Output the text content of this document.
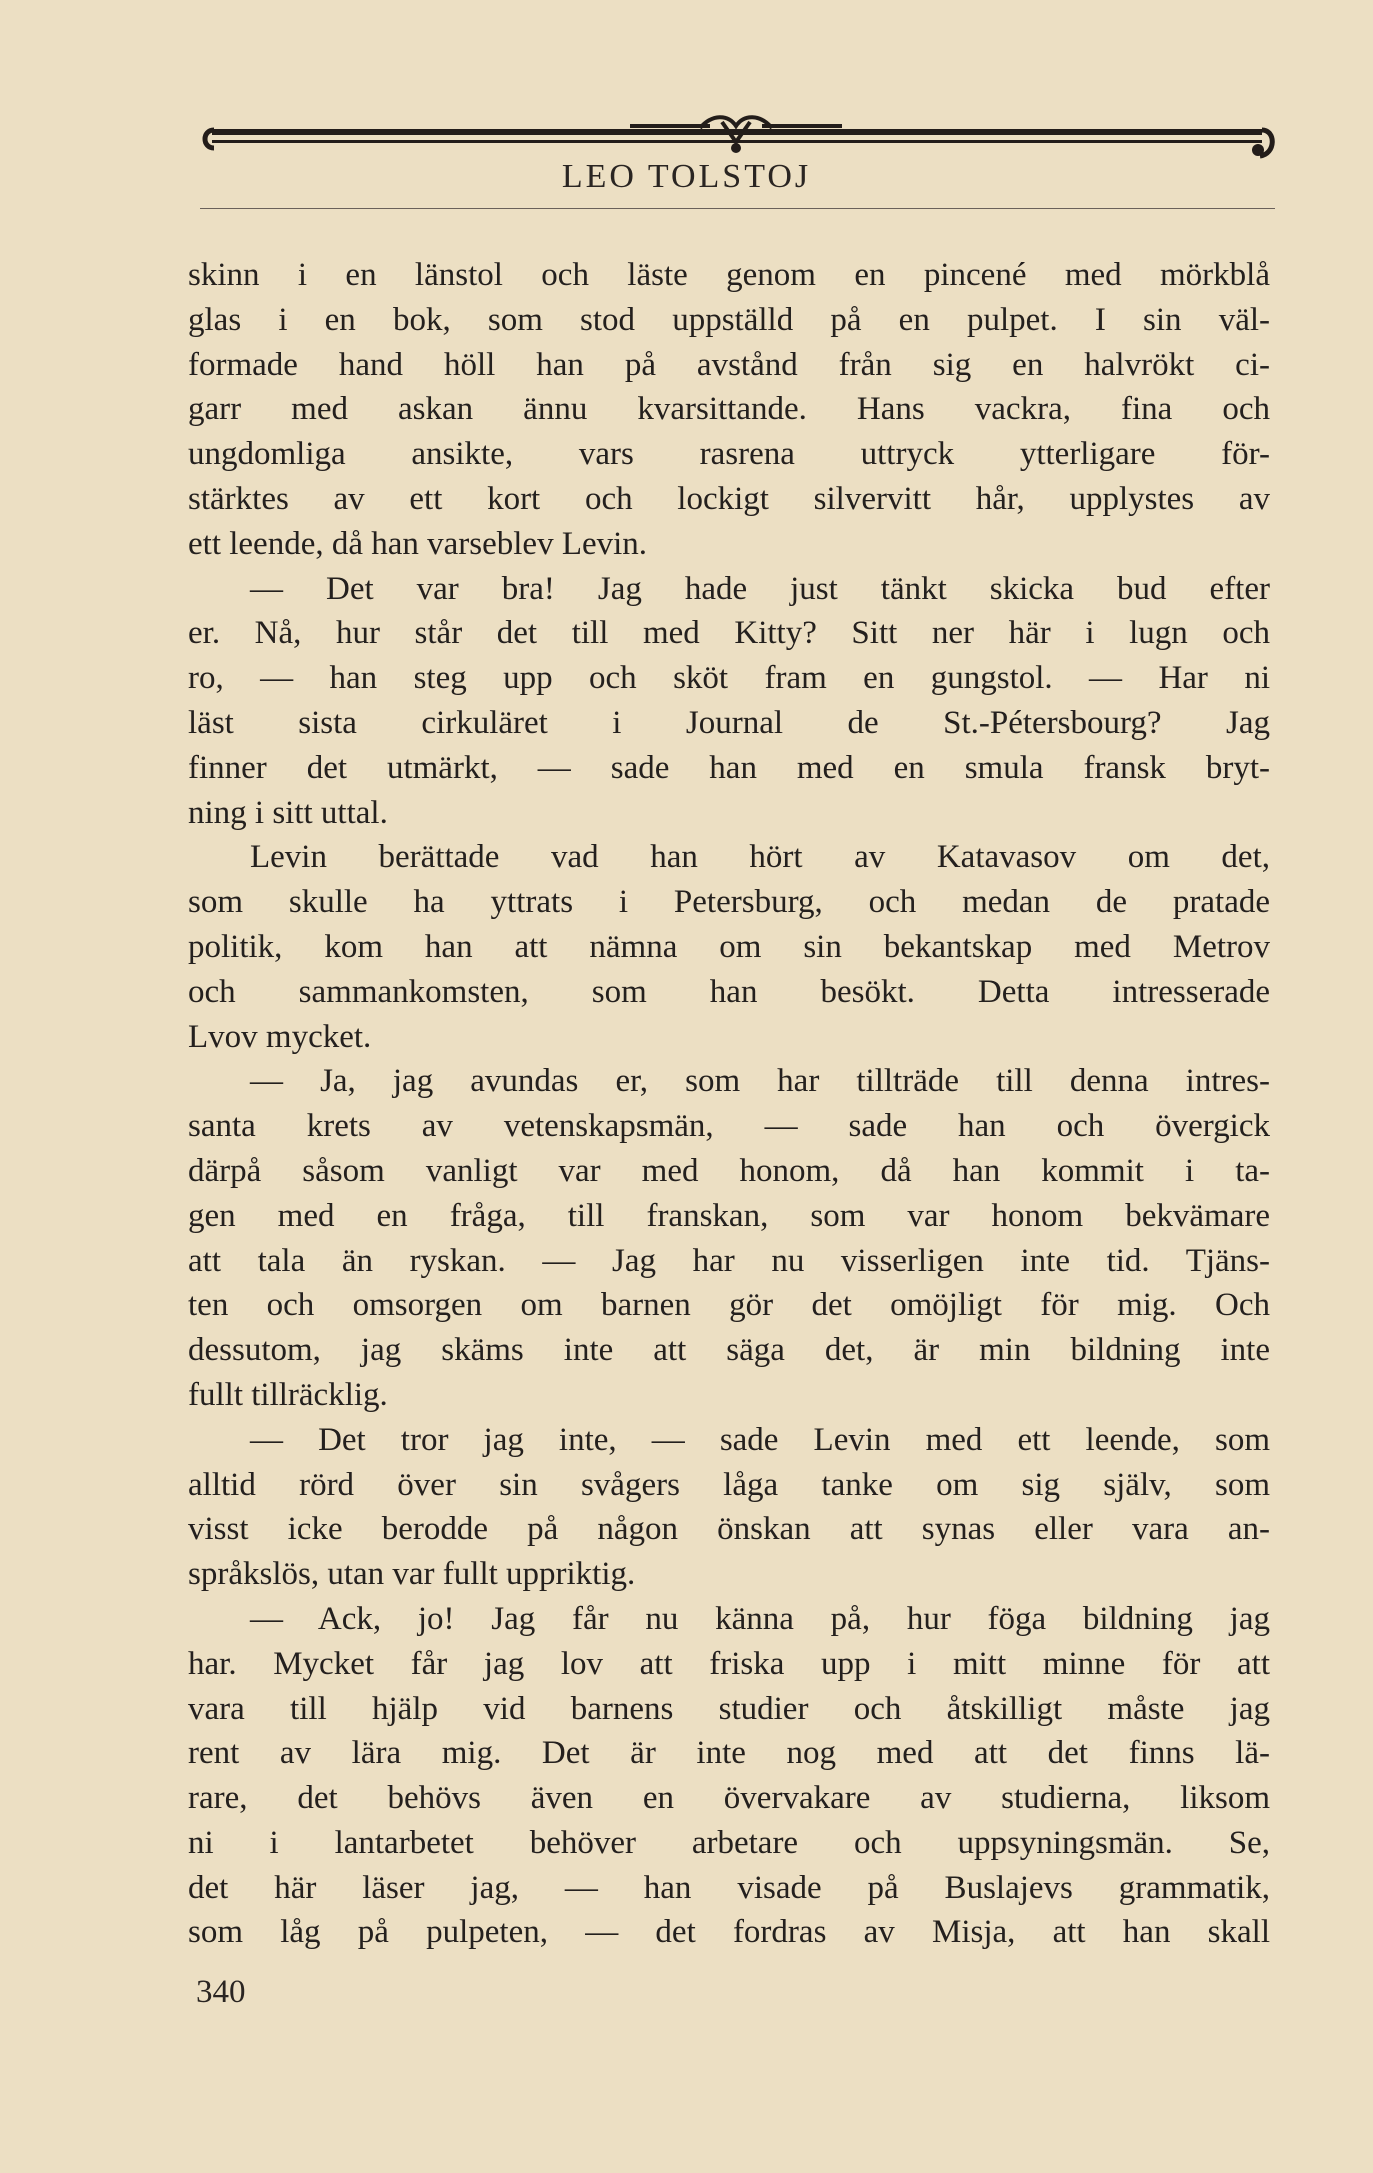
LEO TOLSTOJ
skinn i en länstol och läste genom en pincené med mörkblå
glas i en bok, som stod uppställd på en pulpet. I sin väl-
formade hand höll han på avstånd från sig en halvrökt ci-
garr med askan ännu kvarsittande. Hans vackra, fina och
ungdomliga ansikte, vars rasrena uttryck ytterligare för-
stärktes av ett kort och lockigt silvervitt hår, upplystes av
ett leende, då han varseblev Levin.
— Det var bra! Jag hade just tänkt skicka bud efter
er. Nå, hur står det till med Kitty? Sitt ner här i lugn och
ro, — han steg upp och sköt fram en gungstol. — Har ni
läst sista cirkuläret i Journal de St.-Pétersbourg? Jag
finner det utmärkt, — sade han med en smula fransk bryt-
ning i sitt uttal.
Levin berättade vad han hört av Katavasov om det,
som skulle ha yttrats i Petersburg, och medan de pratade
politik, kom han att nämna om sin bekantskap med Metrov
och sammankomsten, som han besökt. Detta intresserade
Lvov mycket.
— Ja, jag avundas er, som har tillträde till denna intres-
santa krets av vetenskapsmän, — sade han och övergick
därpå såsom vanligt var med honom, då han kommit i ta-
gen med en fråga, till franskan, som var honom bekvämare
att tala än ryskan. — Jag har nu visserligen inte tid. Tjäns-
ten och omsorgen om barnen gör det omöjligt för mig. Och
dessutom, jag skäms inte att säga det, är min bildning inte
fullt tillräcklig.
— Det tror jag inte, — sade Levin med ett leende, som
alltid rörd över sin svågers låga tanke om sig själv, som
visst icke berodde på någon önskan att synas eller vara an-
språkslös, utan var fullt uppriktig.
— Ack, jo! Jag får nu känna på, hur föga bildning jag
har. Mycket får jag lov att friska upp i mitt minne för att
vara till hjälp vid barnens studier och åtskilligt måste jag
rent av lära mig. Det är inte nog med att det finns lä-
rare, det behövs även en övervakare av studierna, liksom
ni i lantarbetet behöver arbetare och uppsyningsmän. Se,
det här läser jag, — han visade på Buslajevs grammatik,
som låg på pulpeten, — det fordras av Misja, att han skall
340
